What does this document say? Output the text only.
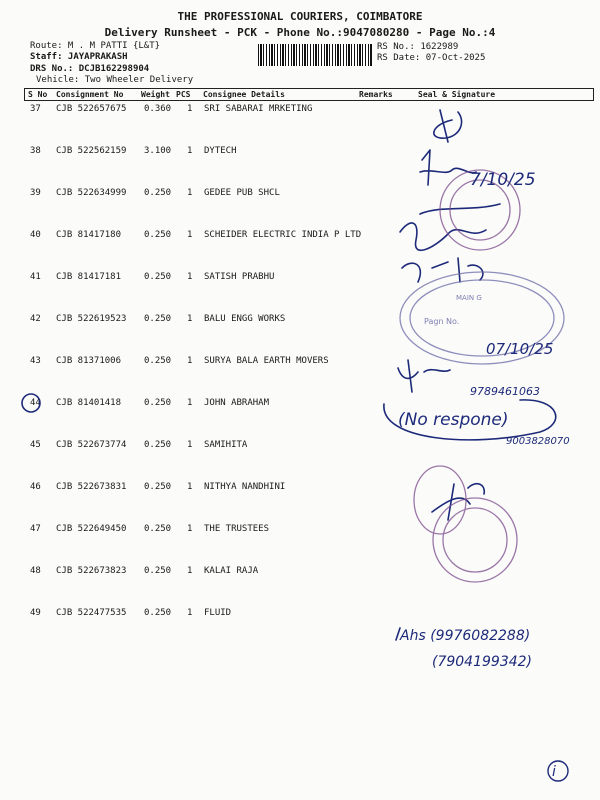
THE PROFESSIONAL COURIERS, COIMBATORE
Delivery Runsheet - PCK - Phone No.:9047080280 - Page No.:4
Route: M . M PATTI {L&T}
Staff: JAYAPRAKASH
DRS No.: DCJB162298904
Vehicle: Two Wheeler Delivery
RS No.: 1622989
RS Date: 07-Oct-2025
S No Consignment No Weight PCS Consignee Details	Remarks	Seal & Signature
37 CJB 522657675 0.360 1 SRI SABARAI MRKETING
38 CJB 522562159 3.100 1 DYTECH
39 CJB 522634999 0.250 1 GEDEE PUB SHCL
40 CJB 81417180	0.250 1 SCHEIDER ELECTRIC INDIA P LTD
41 CJB 81417181	0.250 1 SATISH PRABHU
42 CJB 522619523 0.250 1 BALU ENGG WORKS
43 CJB 81371006	0.250 1 SURYA BALA EARTH MOVERS
44 CJB 81401418	0.250 1 JOHN ABRAHAM
45 CJB 522673774 0.250 1 SAMIHITA
46 CJB 522673831 0.250 1 NITHYA NANDHINI
47 CJB 522649450 0.250 1 THE TRUSTEES
48 CJB 522673823 0.250 1 KALAI RAJA
49 CJB 522477535 0.250 1 FLUID
7/10/25
07/10/25
9789461063
(No respone)
9003828070
Ahs (9976082288)
(7904199342)
i
Pagn No.
MAIN G
